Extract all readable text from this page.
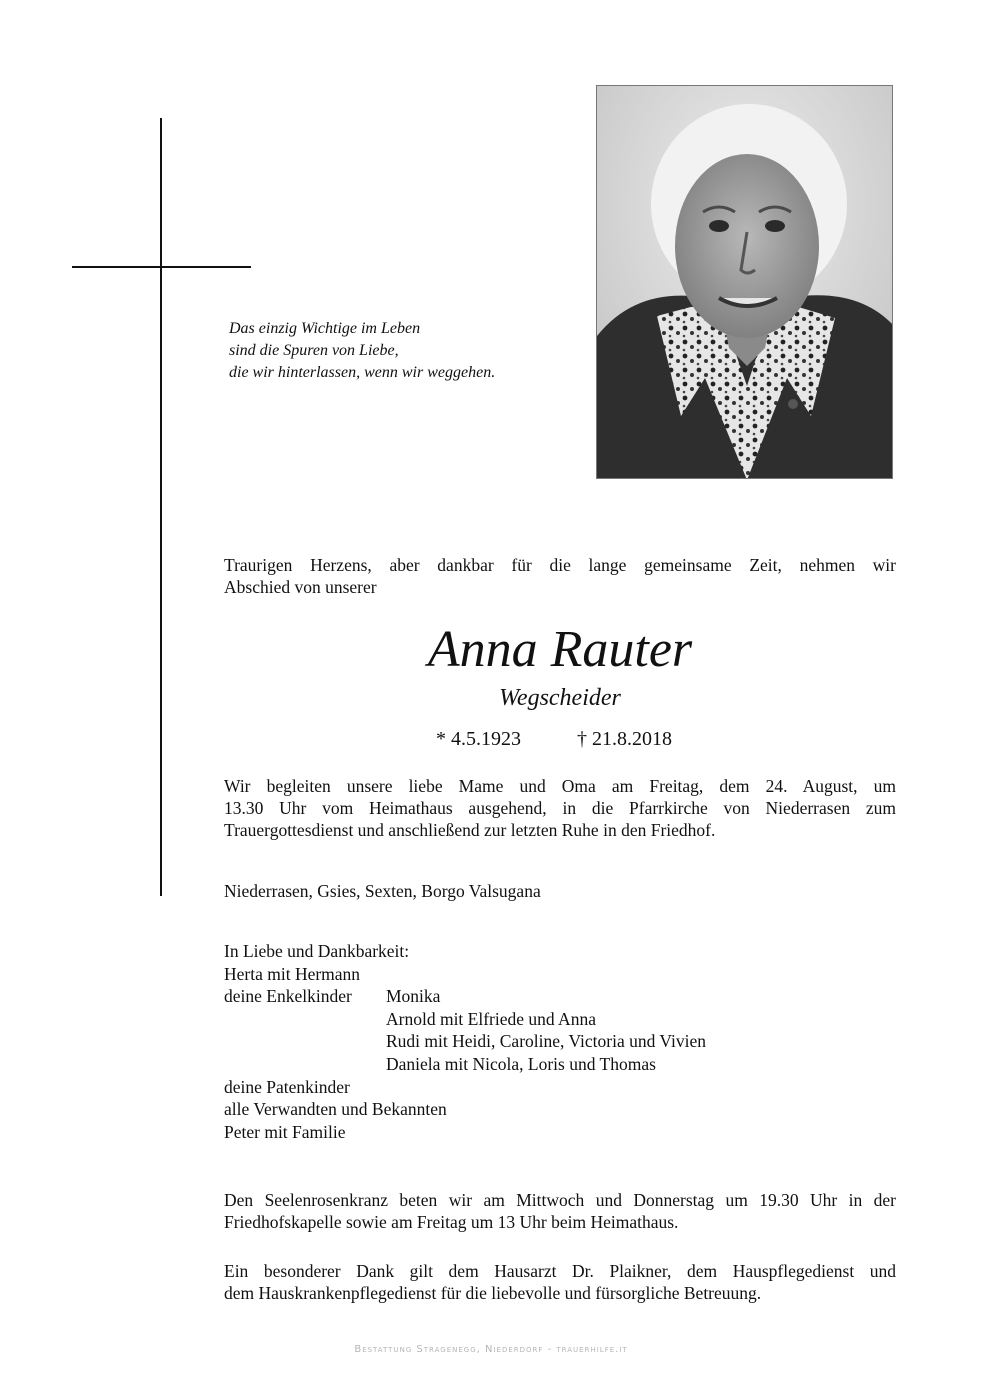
Das einzig Wichtige im Leben
sind die Spuren von Liebe,
die wir hinterlassen, wenn wir weggehen.
Traurigen Herzens, aber dankbar für die lange gemeinsame Zeit, nehmen wir
Abschied von unserer
Anna Rauter
Wegscheider
* 4.5.1923	† 21.8.2018
Wir begleiten unsere liebe Mame und Oma am Freitag, dem 24. August, um
13.30 Uhr vom Heimathaus ausgehend, in die Pfarrkirche von Niederrasen zum
Trauergottesdienst und anschließend zur letzten Ruhe in den Friedhof.
Niederrasen, Gsies, Sexten, Borgo Valsugana
In Liebe und Dankbarkeit:
Herta mit Hermann
deine Enkelkinder Monika
Arnold mit Elfriede und Anna
Rudi mit Heidi, Caroline, Victoria und Vivien
Daniela mit Nicola, Loris und Thomas
deine Patenkinder
alle Verwandten und Bekannten
Peter mit Familie
Den Seelenrosenkranz beten wir am Mittwoch und Donnerstag um 19.30 Uhr in der
Friedhofskapelle sowie am Freitag um 13 Uhr beim Heimathaus.
Ein besonderer Dank gilt dem Hausarzt Dr. Plaikner, dem Hauspflegedienst und
dem Hauskrankenpflegedienst für die liebevolle und fürsorgliche Betreuung.
Bestattung Stragenegg, Niederdorf - trauerhilfe.it
